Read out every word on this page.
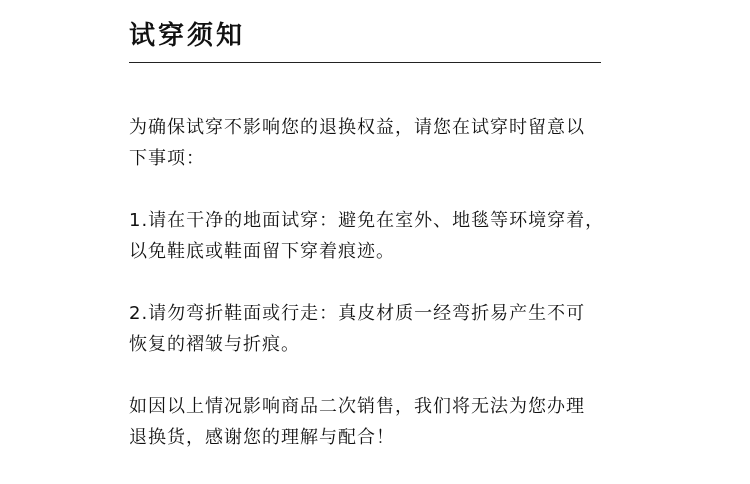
试穿须知

为确保试穿不影响您的退换权益，请您在试穿时留意以
下事项：

1.请在干净的地面试穿：避免在室外、地毯等环境穿着，
以免鞋底或鞋面留下穿着痕迹。

2.请勿弯折鞋面或行走：真皮材质一经弯折易产生不可
恢复的褶皱与折痕。

如因以上情况影响商品二次销售，我们将无法为您办理
退换货，感谢您的理解与配合！
